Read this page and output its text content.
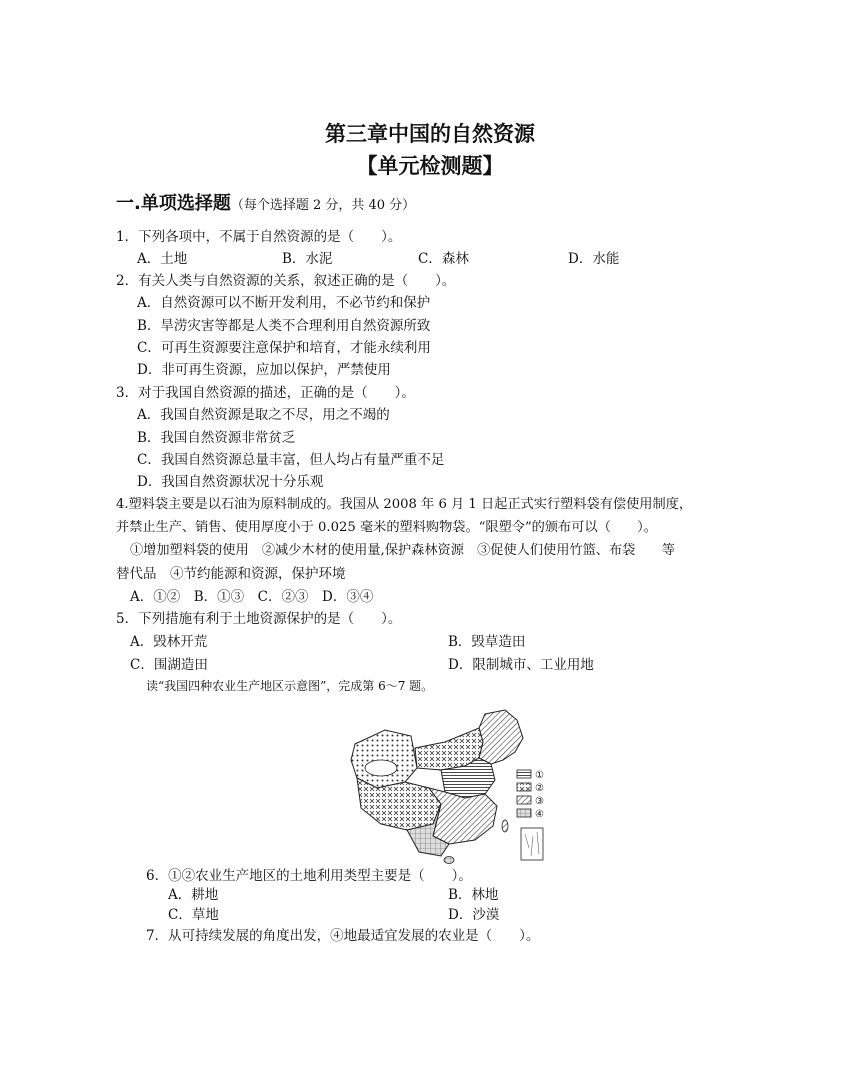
第三章中国的自然资源
【单元检测题】
一.单项选择题（每个选择题 2 分，共 40 分）
1．下列各项中，不属于自然资源的是（　　）。
A．土地	B．水泥	C．森林	D．水能
2．有关人类与自然资源的关系，叙述正确的是（　　）。
A．自然资源可以不断开发利用，不必节约和保护
B．旱涝灾害等都是人类不合理利用自然资源所致
C．可再生资源要注意保护和培育，才能永续利用
D．非可再生资源，应加以保护，严禁使用
3．对于我国自然资源的描述，正确的是（　　）。
A．我国自然资源是取之不尽，用之不竭的
B．我国自然资源非常贫乏
C．我国自然资源总量丰富，但人均占有量严重不足
D．我国自然资源状况十分乐观
4.塑料袋主要是以石油为原料制成的。我国从 2008 年 6 月 1 日起正式实行塑料袋有偿使用制度，
并禁止生产、销售、使用厚度小于 0.025 毫米的塑料购物袋。“限塑令”的颁布可以（　　）。
①增加塑料袋的使用　②减少木材的使用量,保护森林资源　③促使人们使用竹篮、布袋　　等
替代品　④节约能源和资源，保护环境
A．①②　B．①③　C．②③　D．③④
5．下列措施有利于土地资源保护的是（　　）。
A．毁林开荒	B．毁草造田
C．围湖造田	D．限制城市、工业用地
读“我国四种农业生产地区示意图”，完成第 6～7 题。
①
②
③
④
6．①②农业生产地区的土地利用类型主要是（　　）。
A．耕地	B．林地
C．草地	D．沙漠
7．从可持续发展的角度出发，④地最适宜发展的农业是（　　）。
